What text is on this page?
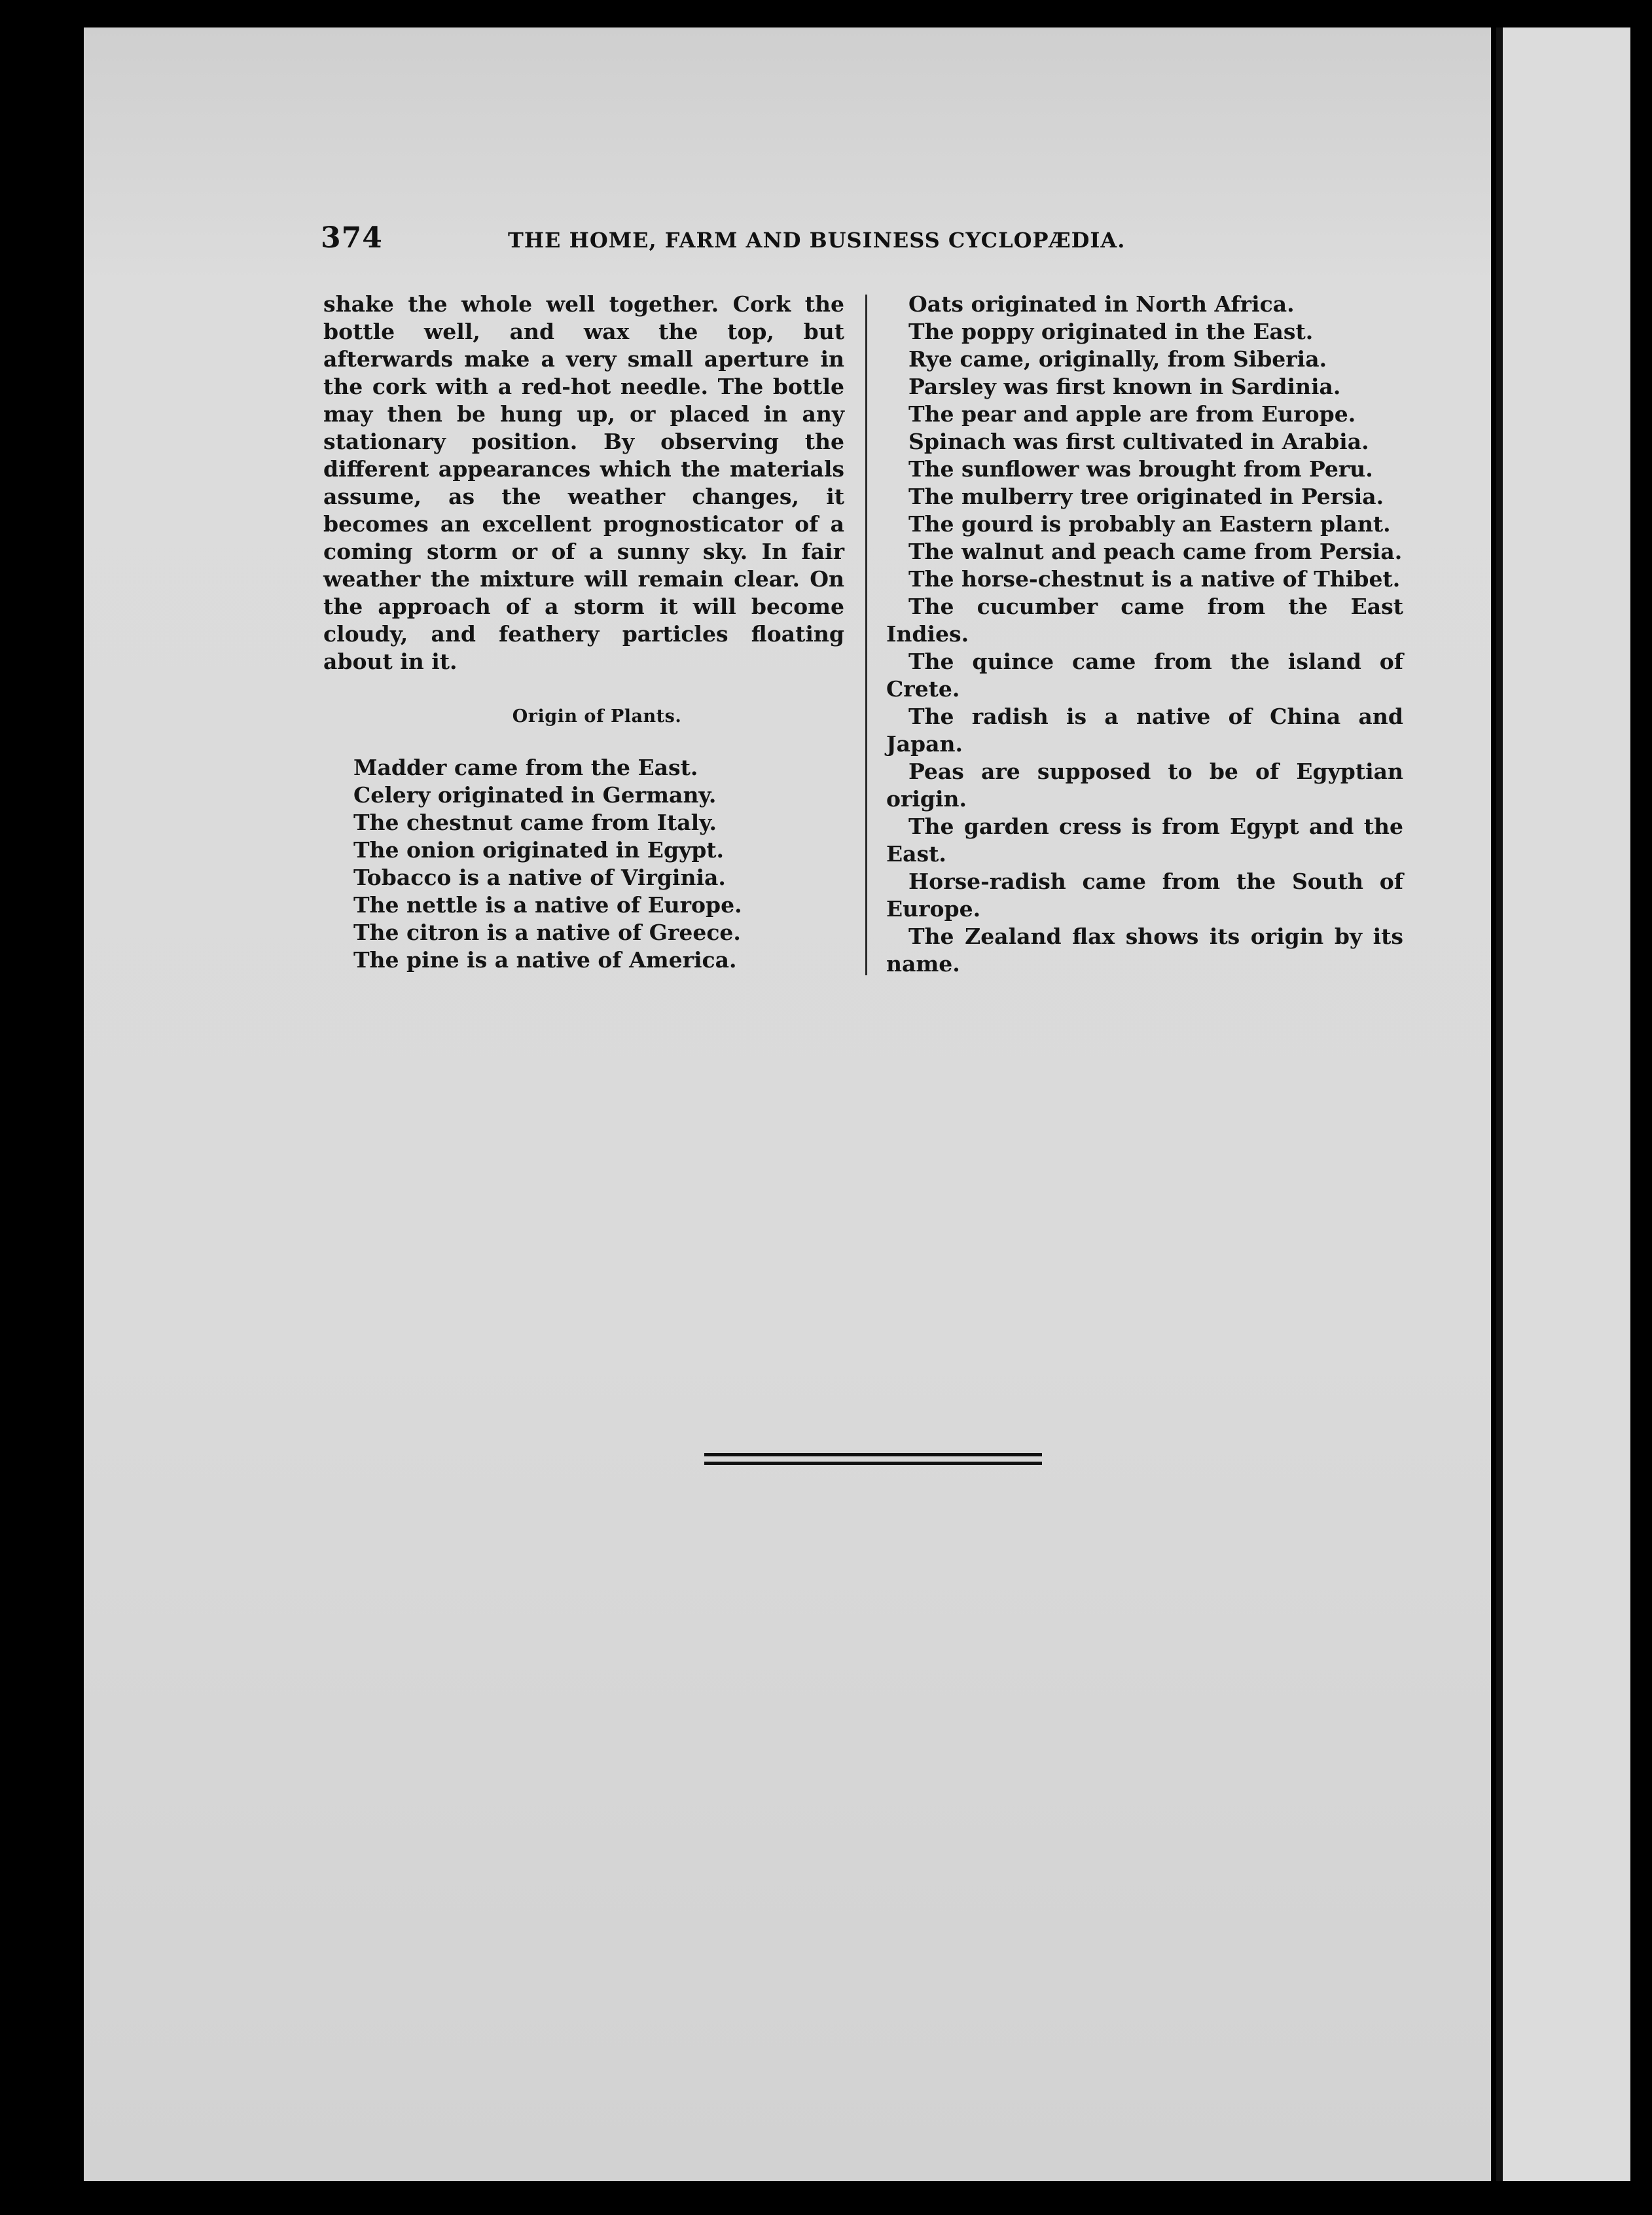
374	THE HOME, FARM AND BUSINESS CYCLOPÆDIA.

shake the whole well together. Cork the bottle well, and wax the top, but afterwards make a very small aperture in the cork with a red-hot needle. The bottle may then be hung up, or placed in any stationary position. By observing the different appearances which the materials assume, as the weather changes, it becomes an excellent prognosticator of a coming storm or of a sunny sky. In fair weather the mixture will remain clear. On the approach of a storm it will become cloudy, and feathery particles floating about in it.

Origin of Plants.
Madder came from the East.
Celery originated in Germany.
The chestnut came from Italy.
The onion originated in Egypt.
Tobacco is a native of Virginia.
The nettle is a native of Europe.
The citron is a native of Greece.
The pine is a native of America.
Oats originated in North Africa.
The poppy originated in the East.
Rye came, originally, from Siberia.
Parsley was first known in Sardinia.
The pear and apple are from Europe.
Spinach was first cultivated in Arabia.
The sunflower was brought from Peru.
The mulberry tree originated in Persia.
The gourd is probably an Eastern plant.
The walnut and peach came from Persia.
The horse-chestnut is a native of Thibet.
The cucumber came from the East Indies.
The quince came from the island of Crete.
The radish is a native of China and Japan.
Peas are supposed to be of Egyptian origin.
The garden cress is from Egypt and the East.
Horse-radish came from the South of Europe.
The Zealand flax shows its origin by its name.
